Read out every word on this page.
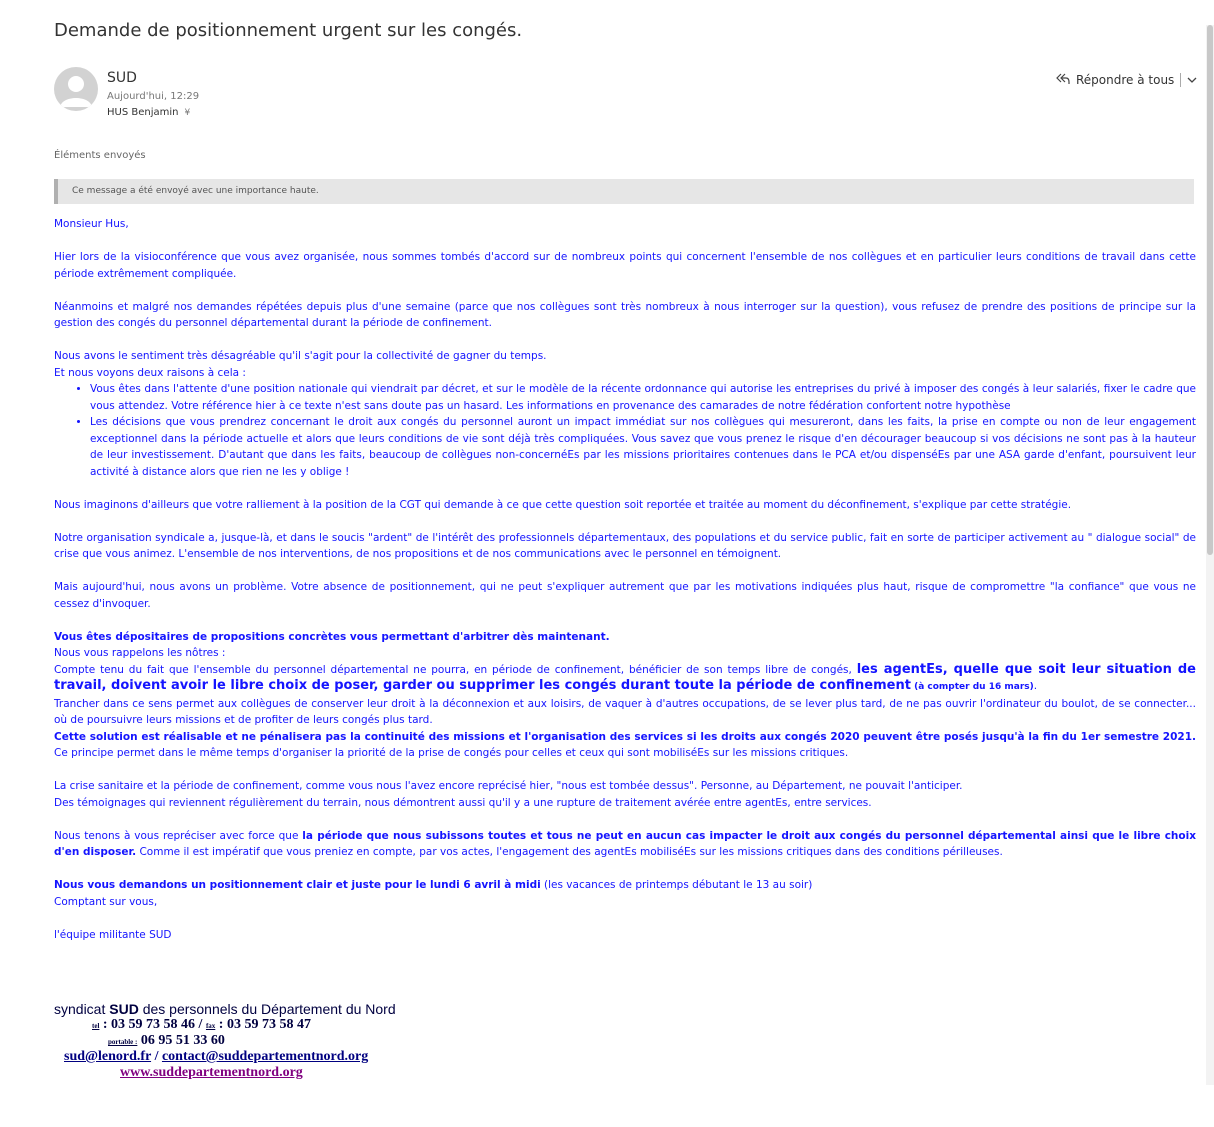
Demande de positionnement urgent sur les congés.
SUD
Aujourd'hui, 12:29
HUS Benjamin ¥
Répondre à tous
Éléments envoyés
Ce message a été envoyé avec une importance haute.

Monsieur Hus,

Hier lors de la visioconférence que vous avez organisée, nous sommes tombés d'accord sur de nombreux points qui concernent l'ensemble de nos collègues et en particulier leurs conditions de travail dans cette période extrêmement compliquée.

Néanmoins et malgré nos demandes répétées depuis plus d'une semaine (parce que nos collègues sont très nombreux à nous interroger sur la question), vous refusez de prendre des positions de principe sur la gestion des congés du personnel départemental durant la période de confinement.

Nous avons le sentiment très désagréable qu'il s'agit pour la collectivité de gagner du temps.

Et nous voyons deux raisons à cela :

• Vous êtes dans l'attente d'une position nationale qui viendrait par décret, et sur le modèle de la récente ordonnance qui autorise les entreprises du privé à imposer des congés à leur salariés, fixer le cadre que vous attendez. Votre référence hier à ce texte n'est sans doute pas un hasard. Les informations en provenance des camarades de notre fédération confortent notre hypothèse
• Les décisions que vous prendrez concernant le droit aux congés du personnel auront un impact immédiat sur nos collègues qui mesureront, dans les faits, la prise en compte ou non de leur engagement exceptionnel dans la période actuelle et alors que leurs conditions de vie sont déjà très compliquées. Vous savez que vous prenez le risque d'en décourager beaucoup si vos décisions ne sont pas à la hauteur de leur investissement. D'autant que dans les faits, beaucoup de collègues non-concernéEs par les missions prioritaires contenues dans le PCA et/ou dispenséEs par une ASA garde d'enfant, poursuivent leur activité à distance alors que rien ne les y oblige !

Nous imaginons d'ailleurs que votre ralliement à la position de la CGT qui demande à ce que cette question soit reportée et traitée au moment du déconfinement, s'explique par cette stratégie.

Notre organisation syndicale a, jusque-là, et dans le soucis "ardent" de l'intérêt des professionnels départementaux, des populations et du service public, fait en sorte de participer activement au " dialogue social" de crise que vous animez. L'ensemble de nos interventions, de nos propositions et de nos communications avec le personnel en témoignent.

Mais aujourd'hui, nous avons un problème. Votre absence de positionnement, qui ne peut s'expliquer autrement que par les motivations indiquées plus haut, risque de compromettre "la confiance" que vous ne cessez d'invoquer.

Vous êtes dépositaires de propositions concrètes vous permettant d'arbitrer dès maintenant.

Nous vous rappelons les nôtres :

Compte tenu du fait que l'ensemble du personnel départemental ne pourra, en période de confinement, bénéficier de son temps libre de congés, les agentEs, quelle que soit leur situation de travail, doivent avoir le libre choix de poser, garder ou supprimer les congés durant toute la période de confinement (à compter du 16 mars).

Trancher dans ce sens permet aux collègues de conserver leur droit à la déconnexion et aux loisirs, de vaquer à d'autres occupations, de se lever plus tard, de ne pas ouvrir l'ordinateur du boulot, de se connecter... où de poursuivre leurs missions et de profiter de leurs congés plus tard.

Cette solution est réalisable et ne pénalisera pas la continuité des missions et l'organisation des services si les droits aux congés 2020 peuvent être posés jusqu'à la fin du 1er semestre 2021. Ce principe permet dans le même temps d'organiser la priorité de la prise de congés pour celles et ceux qui sont mobiliséEs sur les missions critiques.

La crise sanitaire et la période de confinement, comme vous nous l'avez encore reprécisé hier, "nous est tombée dessus". Personne, au Département, ne pouvait l'anticiper.

Des témoignages qui reviennent régulièrement du terrain, nous démontrent aussi qu'il y a une rupture de traitement avérée entre agentEs, entre services.

Nous tenons à vous repréciser avec force que la période que nous subissons toutes et tous ne peut en aucun cas impacter le droit aux congés du personnel départemental ainsi que le libre choix d'en disposer. Comme il est impératif que vous preniez en compte, par vos actes, l'engagement des agentEs mobiliséEs sur les missions critiques dans des conditions périlleuses.

Nous vous demandons un positionnement clair et juste pour le lundi 6 avril à midi (les vacances de printemps débutant le 13 au soir)

Comptant sur vous,

l'équipe militante SUD

syndicat SUD des personnels du Département du Nord
tel : 03 59 73 58 46 / fax : 03 59 73 58 47
portable : 06 95 51 33 60
sud@lenord.fr / contact@suddepartementnord.org
www.suddepartementnord.org
